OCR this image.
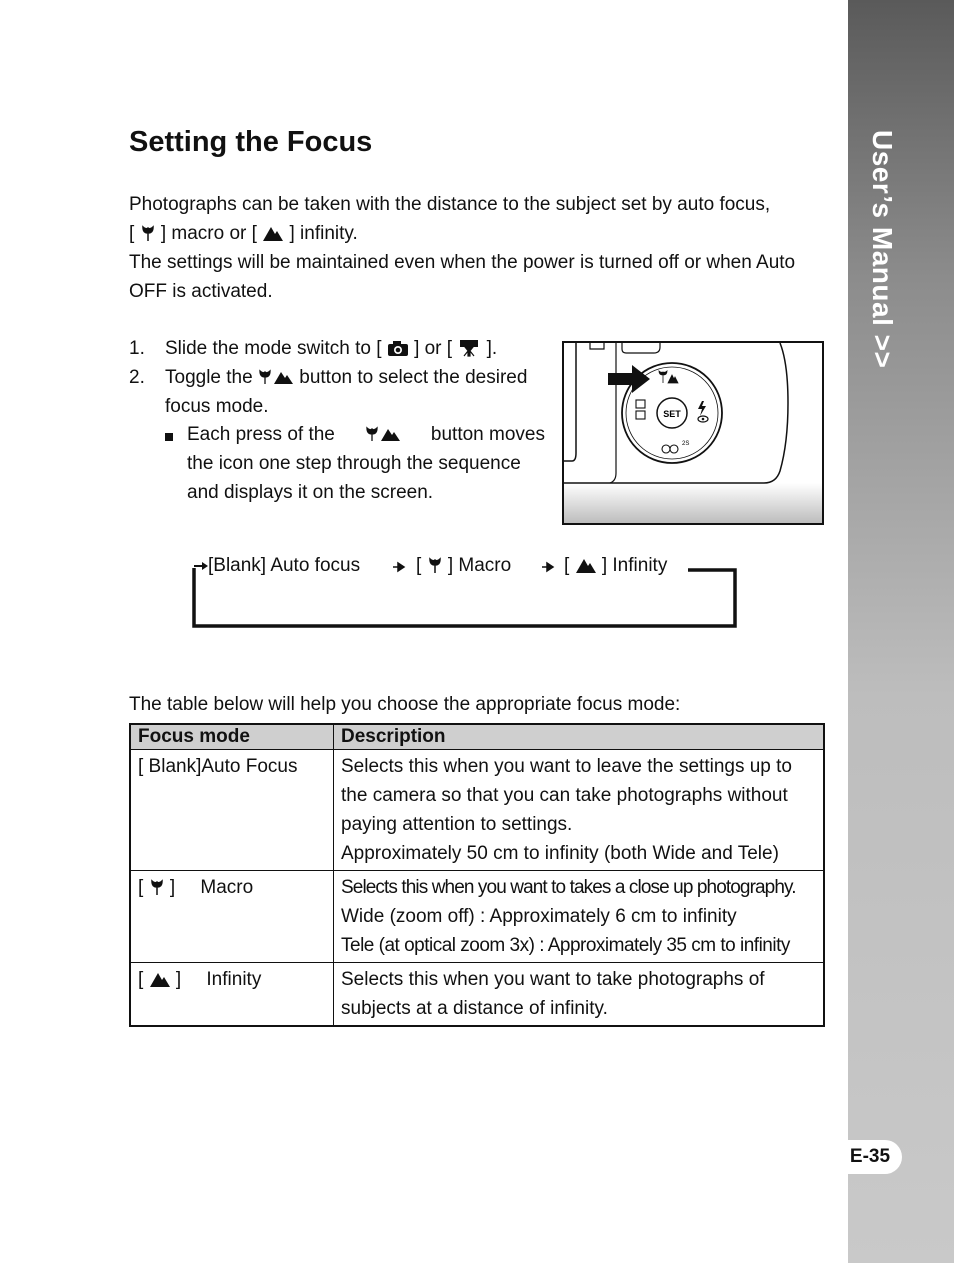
User’s Manual >>
E-35
Setting the Focus
Photographs can be taken with the distance to the subject set by auto focus,
[ ] macro or [ ] infinity.
The settings will be maintained even when the power is turned off or when Auto
OFF is activated.
1. Slide the mode switch to [ ] or [ ].
2. Toggle the button to select the desired
focus mode.
Each press of the	button moves
the icon one step through the sequence
and displays it on the screen.
SET
2S
[Blank] Auto focus	[ ] Macro	[ ] Infinity
The table below will help you choose the appropriate focus mode:
Focus mode	Description
[ Blank]Auto Focus	Selects this when you want to leave the settings up to
the camera so that you can take photographs without
paying attention to settings.
Approximately 50 cm to infinity (both Wide and Tele)

[ ] Macro	Selects this when you want to takes a close up photography.
Wide (zoom off) : Approximately 6 cm to infinity
Tele (at optical zoom 3x) : Approximately 35 cm to infinity

[ ] Infinity	Selects this when you want to take photographs of
subjects at a distance of infinity.
